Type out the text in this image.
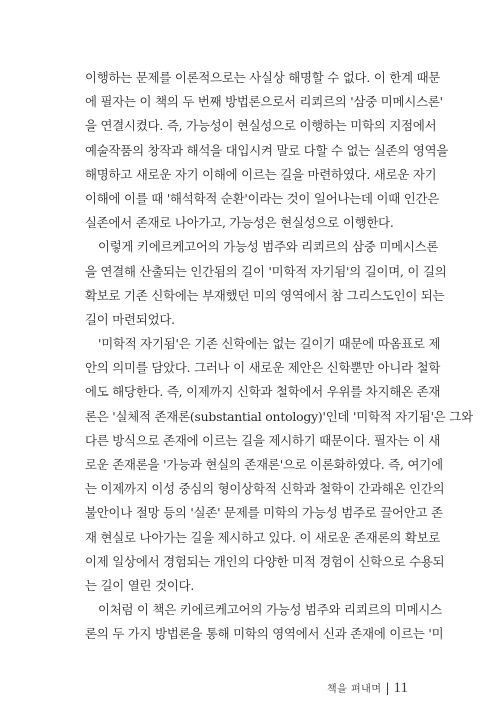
이행하는 문제를 이론적으로는 사실상 해명할 수 없다. 이 한계 때문
에 필자는 이 책의 두 번째 방법론으로서 리쾨르의 '삼중 미메시스론'
을 연결시켰다. 즉, 가능성이 현실성으로 이행하는 미학의 지점에서
예술작품의 창작과 해석을 대입시켜 말로 다할 수 없는 실존의 영역을
해명하고 새로운 자기 이해에 이르는 길을 마련하였다. 새로운 자기
이해에 이를 때 '해석학적 순환'이라는 것이 일어나는데 이때 인간은
실존에서 존재로 나아가고, 가능성은 현실성으로 이행한다.
이렇게 키에르케고어의 가능성 범주와 리쾨르의 삼중 미메시스론
을 연결해 산출되는 인간됨의 길이 '미학적 자기됨'의 길이며, 이 길의
확보로 기존 신학에는 부재했던 미의 영역에서 참 그리스도인이 되는
길이 마련되었다.
'미학적 자기됨'은 기존 신학에는 없는 길이기 때문에 따옴표로 제
안의 의미를 담았다. 그러나 이 새로운 제안은 신학뿐만 아니라 철학
에도 해당한다. 즉, 이제까지 신학과 철학에서 우위를 차지해온 존재
론은 '실체적 존재론(substantial ontology)'인데 '미학적 자기됨'은 그와
다른 방식으로 존재에 이르는 길을 제시하기 때문이다. 필자는 이 새
로운 존재론을 '가능과 현실의 존재론'으로 이론화하였다. 즉, 여기에
는 이제까지 이성 중심의 형이상학적 신학과 철학이 간과해온 인간의
불안이나 절망 등의 '실존' 문제를 미학의 가능성 범주로 끌어안고 존
재 현실로 나아가는 길을 제시하고 있다. 이 새로운 존재론의 확보로
이제 일상에서 경험되는 개인의 다양한 미적 경험이 신학으로 수용되
는 길이 열린 것이다.
이처럼 이 책은 키에르케고어의 가능성 범주와 리쾨르의 미메시스
론의 두 가지 방법론을 통해 미학의 영역에서 신과 존재에 이르는 '미
책을 펴내며 | 11
